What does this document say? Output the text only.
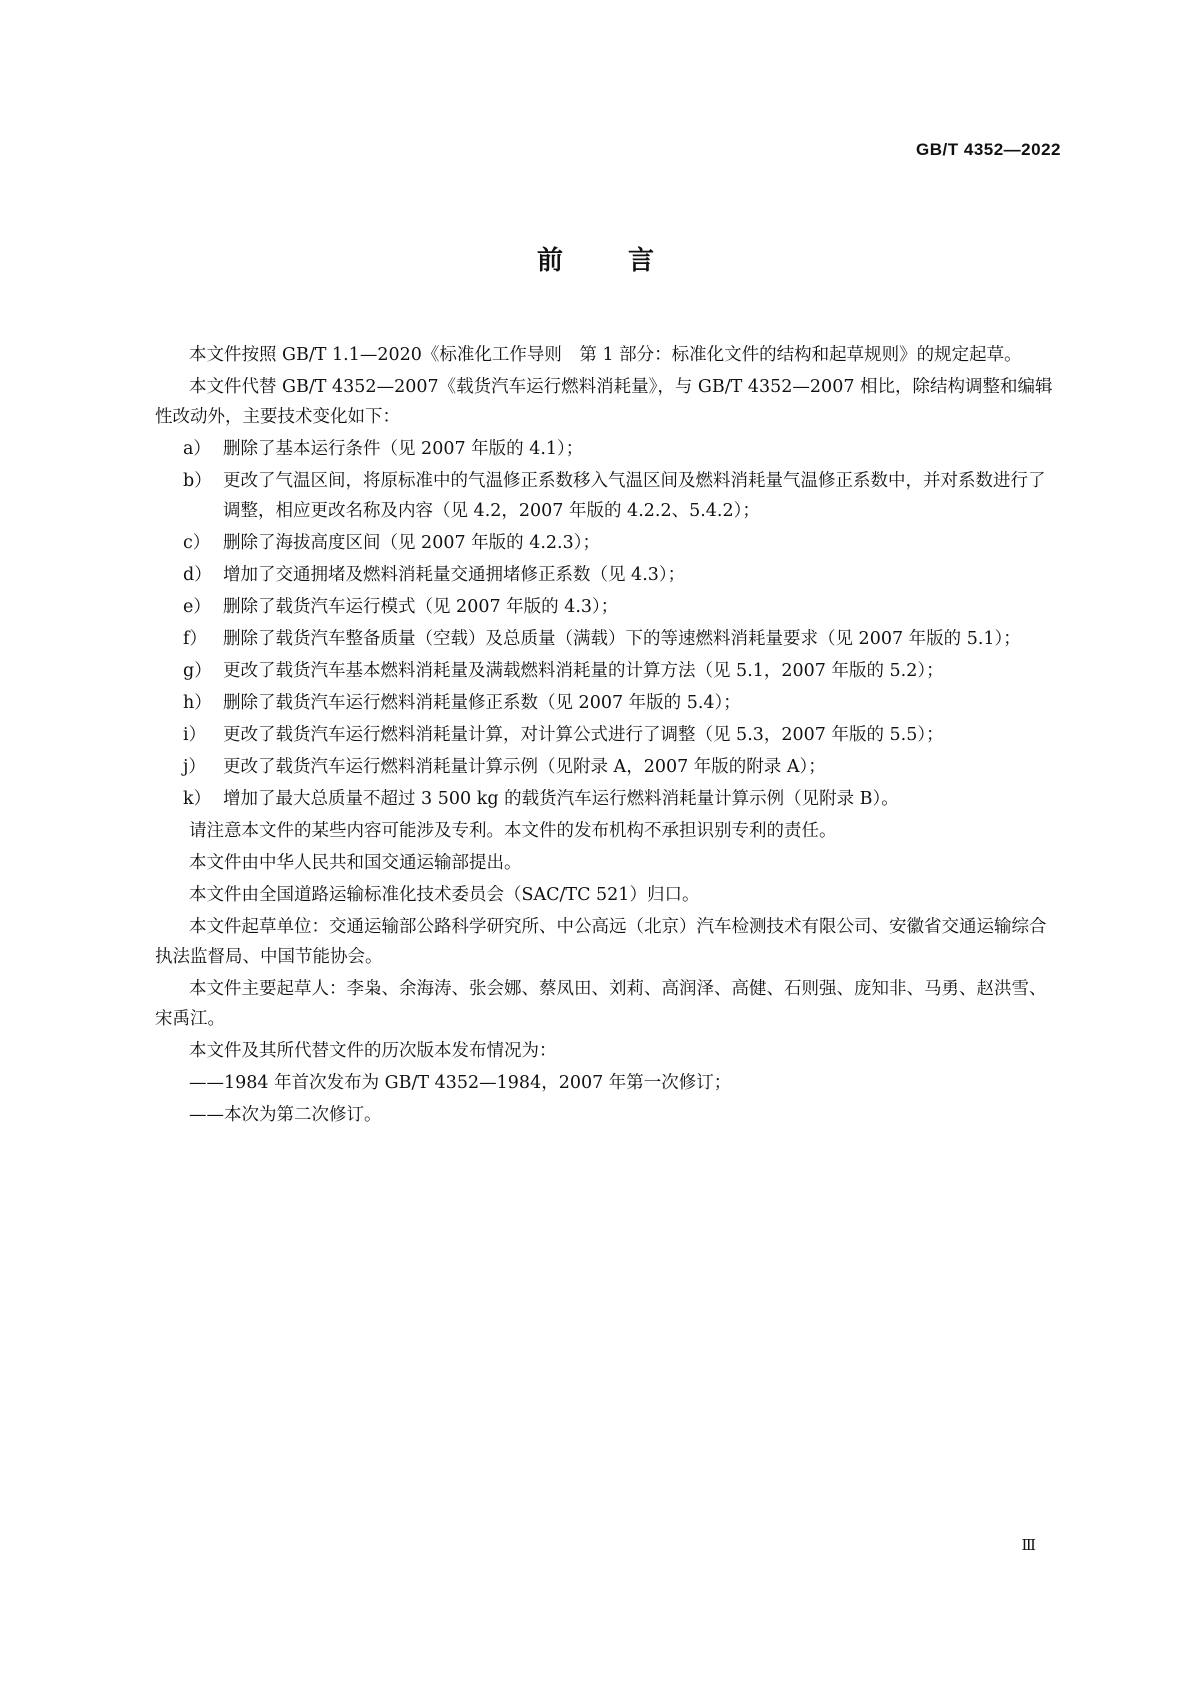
GB/T 4352—2022

前 言

本文件按照 GB/T 1.1—2020《标准化工作导则　第 1 部分：标准化文件的结构和起草规则》的规定起草。

本文件代替 GB/T 4352—2007《载货汽车运行燃料消耗量》，与 GB/T 4352—2007 相比，除结构调整和编辑性改动外，主要技术变化如下：

a） 删除了基本运行条件（见 2007 年版的 4.1）；
b） 更改了气温区间，将原标准中的气温修正系数移入气温区间及燃料消耗量气温修正系数中，并对系数进行了调整，相应更改名称及内容（见 4.2，2007 年版的 4.2.2、5.4.2）；
c） 删除了海拔高度区间（见 2007 年版的 4.2.3）；
d） 增加了交通拥堵及燃料消耗量交通拥堵修正系数（见 4.3）；
e） 删除了载货汽车运行模式（见 2007 年版的 4.3）；
f） 删除了载货汽车整备质量（空载）及总质量（满载）下的等速燃料消耗量要求（见 2007 年版的 5.1）；
g） 更改了载货汽车基本燃料消耗量及满载燃料消耗量的计算方法（见 5.1，2007 年版的 5.2）；
h） 删除了载货汽车运行燃料消耗量修正系数（见 2007 年版的 5.4）；
i） 更改了载货汽车运行燃料消耗量计算，对计算公式进行了调整（见 5.3，2007 年版的 5.5）；
j） 更改了载货汽车运行燃料消耗量计算示例（见附录 A，2007 年版的附录 A）；
k） 增加了最大总质量不超过 3 500 kg 的载货汽车运行燃料消耗量计算示例（见附录 B）。

请注意本文件的某些内容可能涉及专利。本文件的发布机构不承担识别专利的责任。

本文件由中华人民共和国交通运输部提出。

本文件由全国道路运输标准化技术委员会（SAC/TC 521）归口。

本文件起草单位：交通运输部公路科学研究所、中公高远（北京）汽车检测技术有限公司、安徽省交通运输综合执法监督局、中国节能协会。

本文件主要起草人：李枭、余海涛、张会娜、蔡凤田、刘莉、高润泽、高健、石则强、庞知非、马勇、赵洪雪、宋禹江。

本文件及其所代替文件的历次版本发布情况为：

——1984 年首次发布为 GB/T 4352—1984，2007 年第一次修订；

——本次为第二次修订。

Ⅲ
